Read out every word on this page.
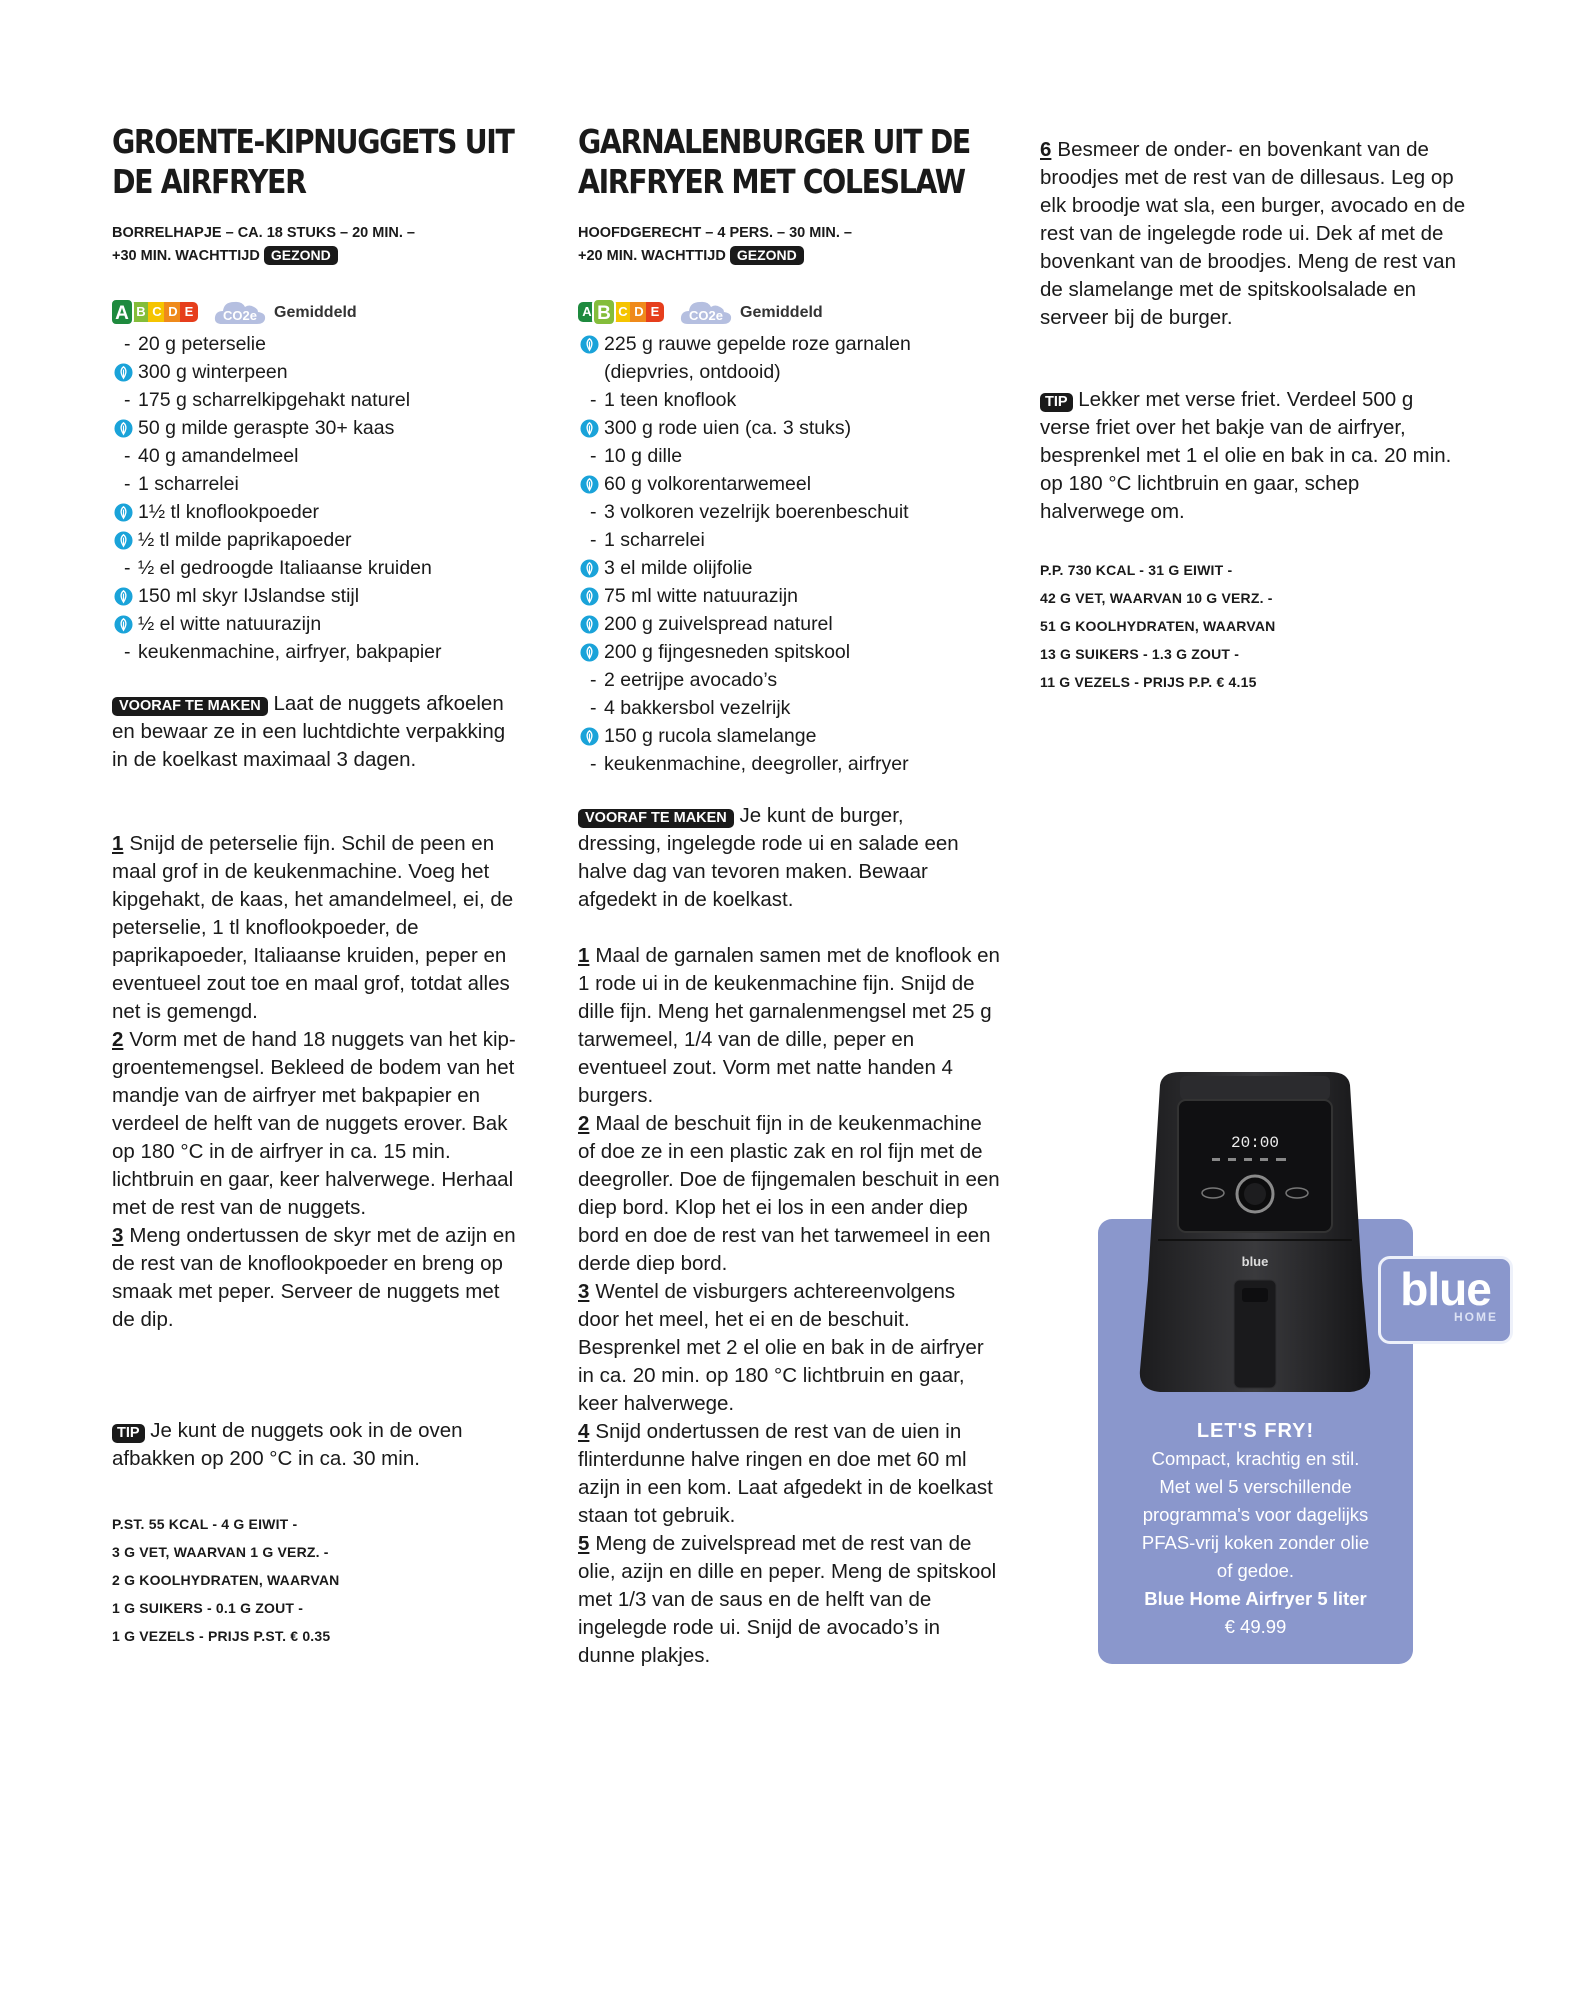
GROENTE-KIPNUGGETS UIT DE AIRFRYER
BORRELHAPJE – CA. 18 STUKS – 20 MIN. –
+30 MIN. WACHTTIJD GEZOND
A B C D E	CO2e Gemiddeld
- 20 g peterselie
300 g winterpeen
- 175 g scharrelkipgehakt naturel
50 g milde geraspte 30+ kaas
- 40 g amandelmeel
- 1 scharrelei
1½ tl knoflookpoeder
½ tl milde paprikapoeder
- ½ el gedroogde Italiaanse kruiden
150 ml skyr IJslandse stijl
½ el witte natuurazijn
- keukenmachine, airfryer, bakpapier
VOORAF TE MAKEN Laat de nuggets afkoelen en bewaar ze in een luchtdichte verpakking in de koelkast maximaal 3 dagen.

1 Snijd de peterselie fijn. Schil de peen en maal grof in de keukenmachine. Voeg het kipgehakt, de kaas, het amandelmeel, ei, de peterselie, 1 tl knoflookpoeder, de paprikapoeder, Italiaanse kruiden, peper en eventueel zout toe en maal grof, totdat alles net is gemengd.

2 Vorm met de hand 18 nuggets van het kip-groentemengsel. Bekleed de bodem van het mandje van de airfryer met bakpapier en verdeel de helft van de nuggets erover. Bak op 180 °C in de airfryer in ca. 15 min. lichtbruin en gaar, keer halverwege. Herhaal met de rest van de nuggets.

3 Meng ondertussen de skyr met de azijn en de rest van de knoflookpoeder en breng op smaak met peper. Serveer de nuggets met de dip.

TIP Je kunt de nuggets ook in de oven afbakken op 200 °C in ca. 30 min.
P.ST. 55 KCAL - 4 G EIWIT -
3 G VET, WAARVAN 1 G VERZ. -
2 G KOOLHYDRATEN, WAARVAN
1 G SUIKERS - 0.1 G ZOUT -
1 G VEZELS - PRIJS P.ST. € 0.35
GARNALENBURGER UIT DE AIRFRYER MET COLESLAW
HOOFDGERECHT – 4 PERS. – 30 MIN. –
+20 MIN. WACHTTIJD GEZOND
A B C D E	CO2e Gemiddeld
225 g rauwe gepelde roze garnalen
(diepvries, ontdooid)
- 1 teen knoflook
300 g rode uien (ca. 3 stuks)
- 10 g dille
60 g volkorentarwemeel
- 3 volkoren vezelrijk boerenbeschuit
- 1 scharrelei
3 el milde olijfolie
75 ml witte natuurazijn
200 g zuivelspread naturel
200 g fijngesneden spitskool
- 2 eetrijpe avocado’s
- 4 bakkersbol vezelrijk
150 g rucola slamelange
- keukenmachine, deegroller, airfryer
VOORAF TE MAKEN Je kunt de burger, dressing, ingelegde rode ui en salade een halve dag van tevoren maken. Bewaar afgedekt in de koelkast.

1 Maal de garnalen samen met de knoflook en 1 rode ui in de keukenmachine fijn. Snijd de dille fijn. Meng het garnalenmengsel met 25 g tarwemeel, 1/4 van de dille, peper en eventueel zout. Vorm met natte handen 4 burgers.

2 Maal de beschuit fijn in de keukenmachine of doe ze in een plastic zak en rol fijn met de deegroller. Doe de fijngemalen beschuit in een diep bord. Klop het ei los in een ander diep bord en doe de rest van het tarwemeel in een derde diep bord.

3 Wentel de visburgers achtereenvolgens door het meel, het ei en de beschuit. Besprenkel met 2 el olie en bak in de airfryer in ca. 20 min. op 180 °C lichtbruin en gaar, keer halverwege.

4 Snijd ondertussen de rest van de uien in flinterdunne halve ringen en doe met 60 ml azijn in een kom. Laat afgedekt in de koelkast staan tot gebruik.

5 Meng de zuivelspread met de rest van de olie, azijn en dille en peper. Meng de spitskool met 1/3 van de saus en de helft van de ingelegde rode ui. Snijd de avocado’s in dunne plakjes.

6 Besmeer de onder- en bovenkant van de broodjes met de rest van de dillesaus. Leg op elk broodje wat sla, een burger, avocado en de rest van de ingelegde rode ui. Dek af met de bovenkant van de broodjes. Meng de rest van de slamelange met de spitskoolsalade en serveer bij de burger.

TIP Lekker met verse friet. Verdeel 500 g verse friet over het bakje van de airfryer, besprenkel met 1 el olie en bak in ca. 20 min. op 180 °C lichtbruin en gaar, schep halverwege om.
P.P. 730 KCAL - 31 G EIWIT -
42 G VET, WAARVAN 10 G VERZ. -
51 G KOOLHYDRATEN, WAARVAN
13 G SUIKERS - 1.3 G ZOUT -
11 G VEZELS - PRIJS P.P. € 4.15
LET'S FRY!
Compact, krachtig en stil.
Met wel 5 verschillende
programma's voor dagelijks
PFAS-vrij koken zonder olie
of gedoe.
Blue Home Airfryer 5 liter
€ 49.99
20:00
blue
blue
HOME
